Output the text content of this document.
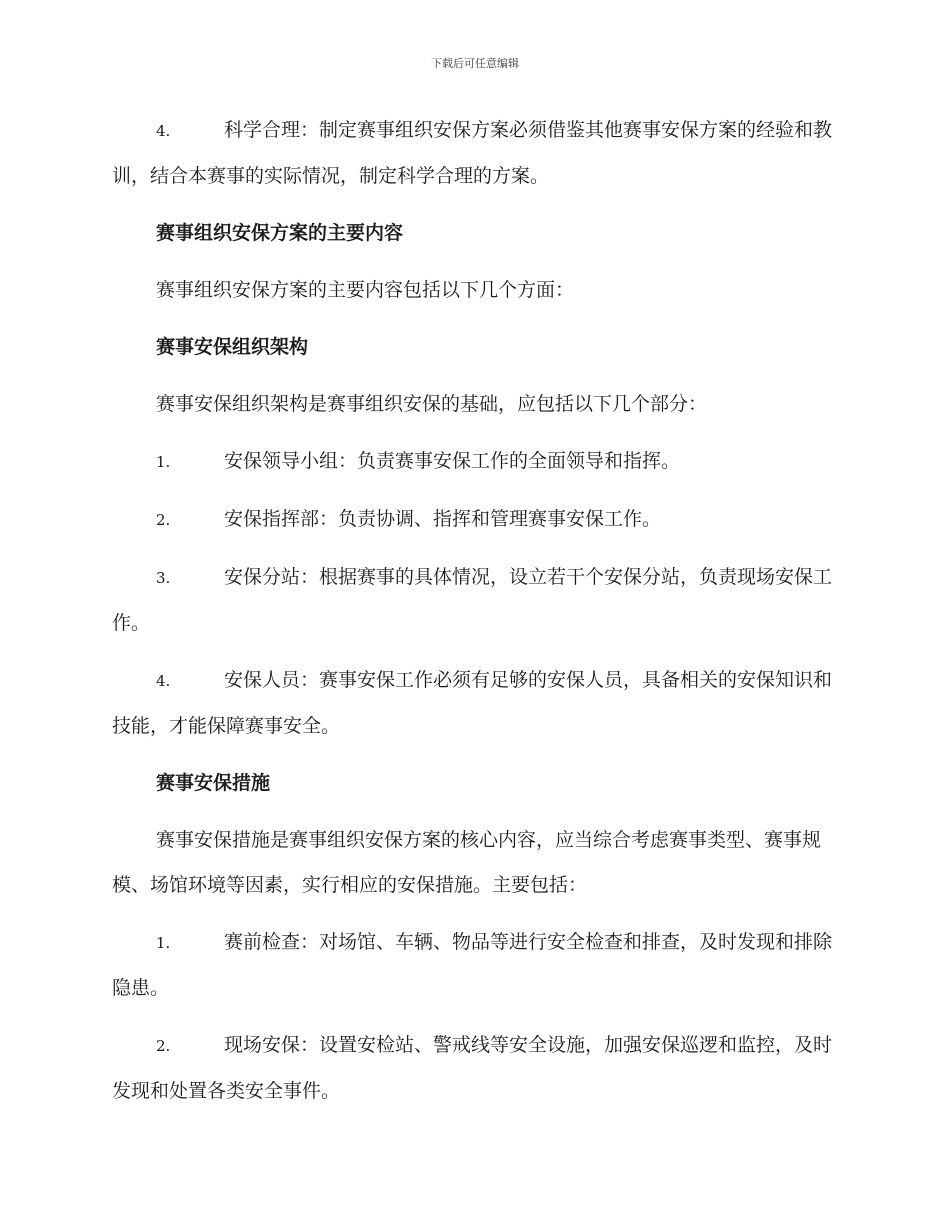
下载后可任意编辑

4.	科学合理：制定赛事组织安保方案必须借鉴其他赛事安保方案的经验和教训，结合本赛事的实际情况，制定科学合理的方案。

赛事组织安保方案的主要内容

赛事组织安保方案的主要内容包括以下几个方面：

赛事安保组织架构

赛事安保组织架构是赛事组织安保的基础，应包括以下几个部分：

1.	安保领导小组：负责赛事安保工作的全面领导和指挥。

2.	安保指挥部：负责协调、指挥和管理赛事安保工作。

3.	安保分站：根据赛事的具体情况，设立若干个安保分站，负责现场安保工作。

4.	安保人员：赛事安保工作必须有足够的安保人员，具备相关的安保知识和技能，才能保障赛事安全。

赛事安保措施

赛事安保措施是赛事组织安保方案的核心内容，应当综合考虑赛事类型、赛事规模、场馆环境等因素，实行相应的安保措施。主要包括：

1.	赛前检查：对场馆、车辆、物品等进行安全检查和排查，及时发现和排除隐患。

2.	现场安保：设置安检站、警戒线等安全设施，加强安保巡逻和监控，及时发现和处置各类安全事件。
